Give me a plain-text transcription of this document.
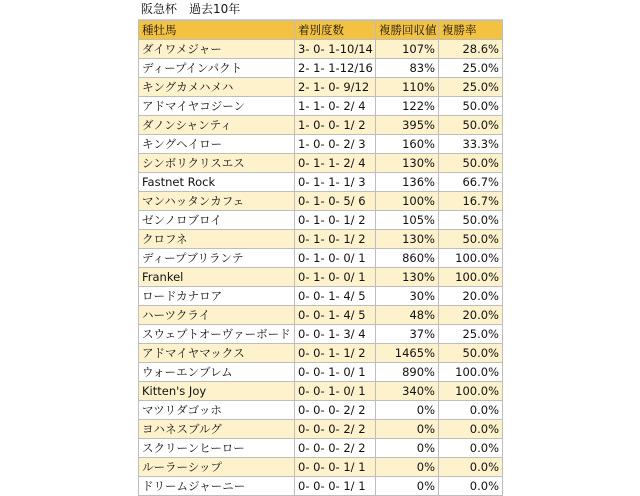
阪急杯　過去10年
種牡馬	着別度数	複勝回収値	複勝率
ダイワメジャー	3- 0- 1-10/14	107%	28.6%
ディープインパクト	2- 1- 1-12/16	83%	25.0%
キングカメハメハ	2- 1- 0- 9/12	110%	25.0%
アドマイヤコジーン	1- 1- 0- 2/ 4	122%	50.0%
ダノンシャンティ	1- 0- 0- 1/ 2	395%	50.0%
キングヘイロー	1- 0- 0- 2/ 3	160%	33.3%
シンボリクリスエス	0- 1- 1- 2/ 4	130%	50.0%
Fastnet Rock	0- 1- 1- 1/ 3	136%	66.7%
マンハッタンカフェ	0- 1- 0- 5/ 6	100%	16.7%
ゼンノロブロイ	0- 1- 0- 1/ 2	105%	50.0%
クロフネ	0- 1- 0- 1/ 2	130%	50.0%
ディープブリランテ	0- 1- 0- 0/ 1	860%	100.0%
Frankel	0- 1- 0- 0/ 1	130%	100.0%
ロードカナロア	0- 0- 1- 4/ 5	30%	20.0%
ハーツクライ	0- 0- 1- 4/ 5	48%	20.0%
スウェプトオーヴァーボード	0- 0- 1- 3/ 4	37%	25.0%
アドマイヤマックス	0- 0- 1- 1/ 2	1465%	50.0%
ウォーエンブレム	0- 0- 1- 0/ 1	890%	100.0%
Kitten's Joy	0- 0- 1- 0/ 1	340%	100.0%
マツリダゴッホ	0- 0- 0- 2/ 2	0%	0.0%
ヨハネスブルグ	0- 0- 0- 2/ 2	0%	0.0%
スクリーンヒーロー	0- 0- 0- 2/ 2	0%	0.0%
ルーラーシップ	0- 0- 0- 1/ 1	0%	0.0%
ドリームジャーニー	0- 0- 0- 1/ 1	0%	0.0%
